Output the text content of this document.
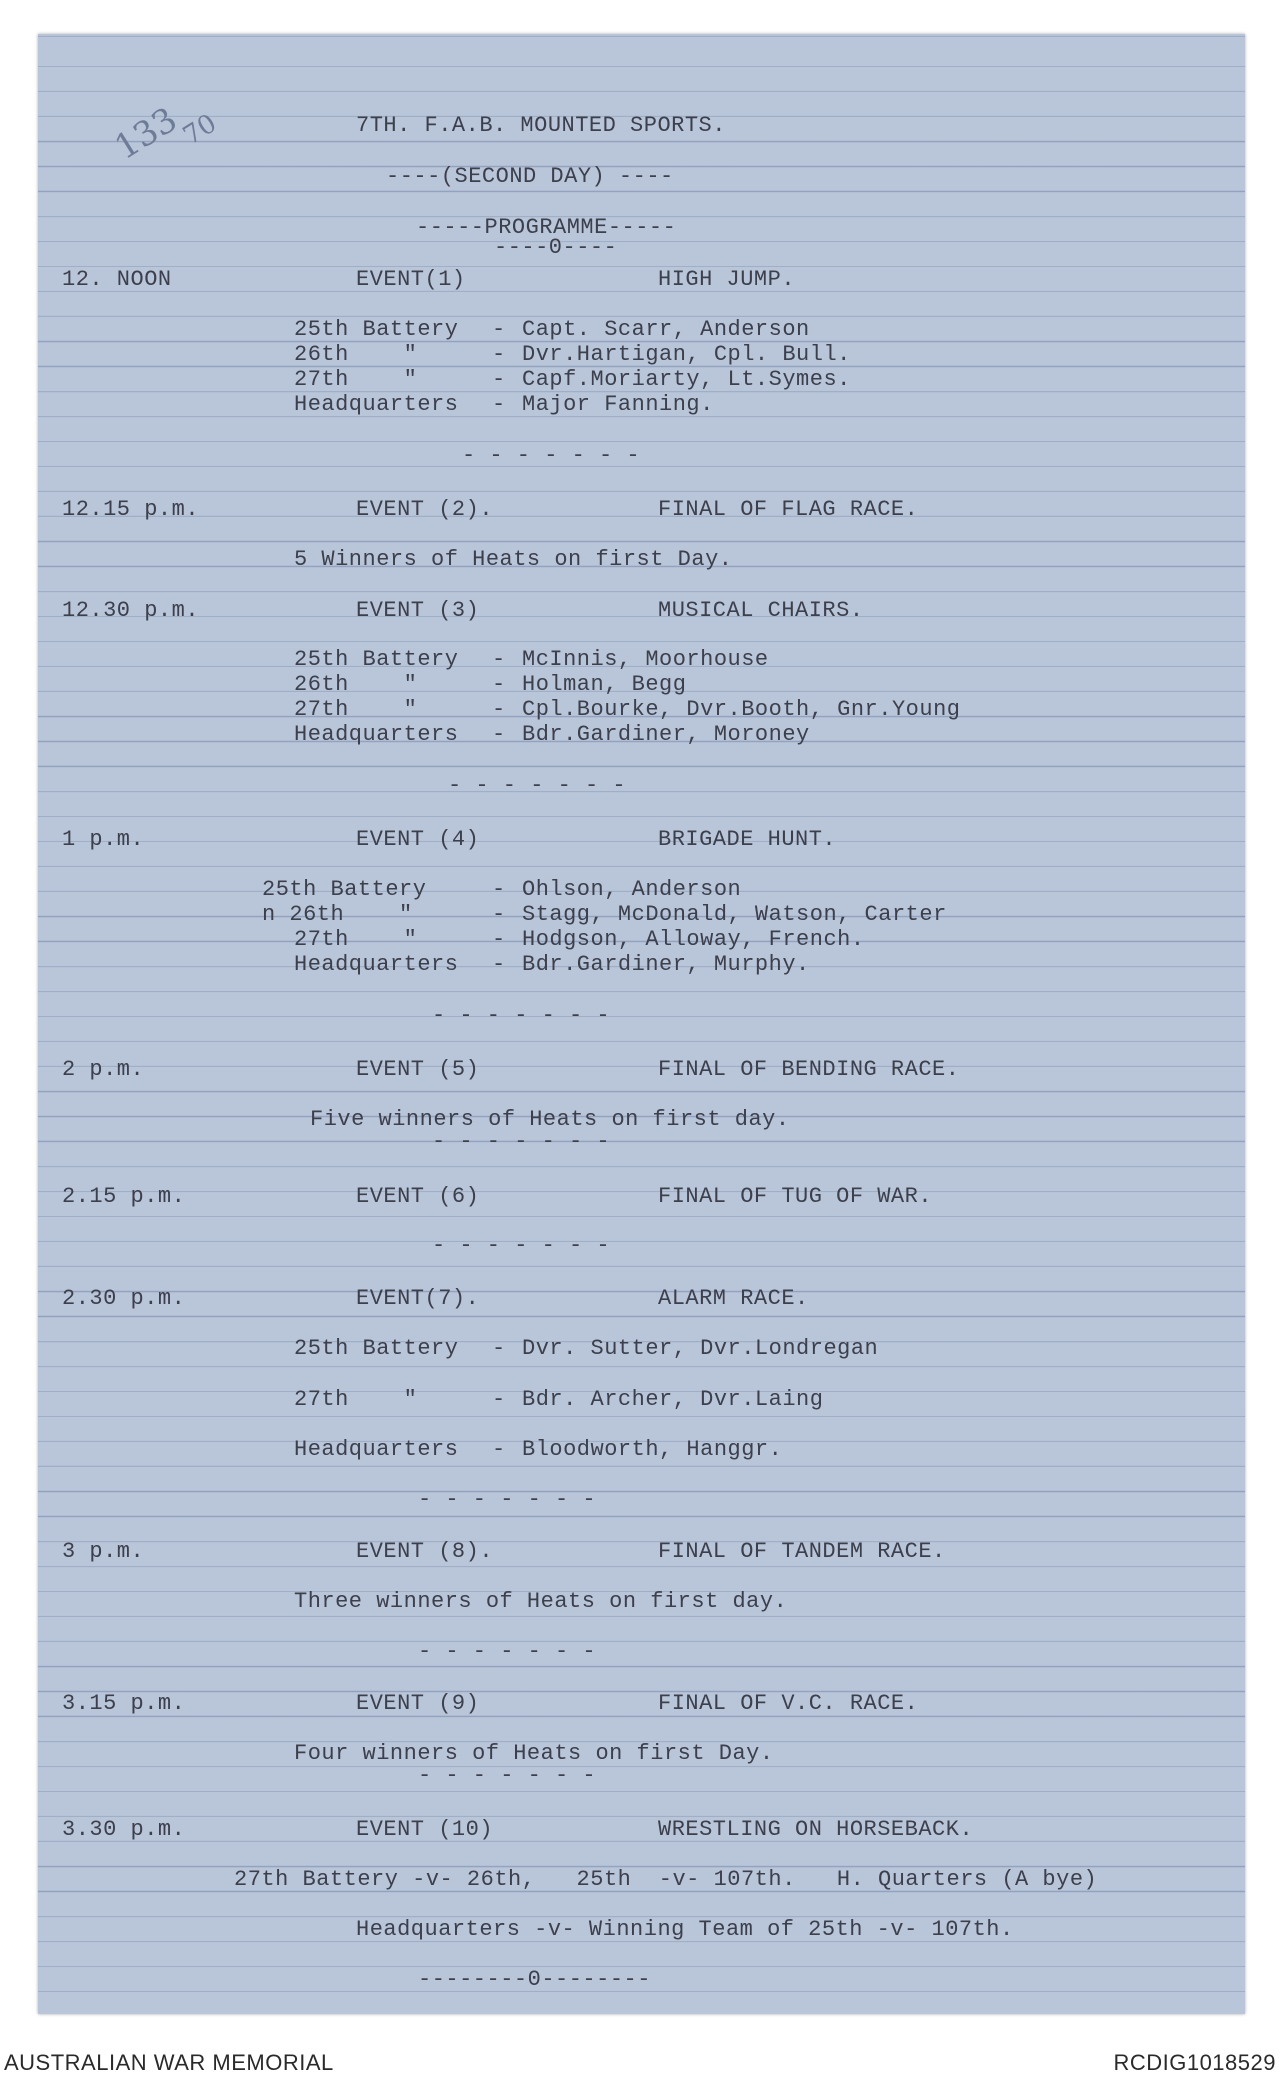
133
70	7TH. F.A.B. MOUNTED SPORTS.
----(SECOND DAY) ----
-----PROGRAMME-----
----0----
12. NOON	EVENT(1)	HIGH JUMP.
25th Battery - Capt. Scarr, Anderson
26th    "	- Dvr.Hartigan, Cpl. Bull.
27th    "	- Capf.Moriarty, Lt.Symes.
Headquarters - Major Fanning.
- - - - - - -
12.15 p.m.	EVENT (2).	FINAL OF FLAG RACE.
5 Winners of Heats on first Day.
12.30 p.m.	EVENT (3)	MUSICAL CHAIRS.
25th Battery - McInnis, Moorhouse
26th    "	- Holman, Begg
27th    "	- Cpl.Bourke, Dvr.Booth, Gnr.Young
Headquarters - Bdr.Gardiner, Moroney
- - - - - - -
1 p.m.	EVENT (4)	BRIGADE HUNT.
25th Battery	- Ohlson, Anderson
n 26th    "	- Stagg, McDonald, Watson, Carter
27th    "	- Hodgson, Alloway, French.
Headquarters - Bdr.Gardiner, Murphy.
- - - - - - -
2 p.m.	EVENT (5)	FINAL OF BENDING RACE.
Five winners of Heats on first day.
- - - - - - -
2.15 p.m.	EVENT (6)	FINAL OF TUG OF WAR.
- - - - - - -
2.30 p.m.	EVENT(7).	ALARM RACE.
25th Battery - Dvr. Sutter, Dvr.Londregan
27th    "	- Bdr. Archer, Dvr.Laing
Headquarters - Bloodworth, Hanggr.
- - - - - - -
3 p.m.	EVENT (8).	FINAL OF TANDEM RACE.
Three winners of Heats on first day.
- - - - - - -
3.15 p.m.	EVENT (9)	FINAL OF V.C. RACE.
Four winners of Heats on first Day.
- - - - - - -
3.30 p.m.	EVENT (10)	WRESTLING ON HORSEBACK.
27th Battery -v- 26th,   25th  -v- 107th.   H. Quarters (A bye)
Headquarters -v- Winning Team of 25th -v- 107th.
--------0--------
AUSTRALIAN WAR MEMORIAL	RCDIG1018529
